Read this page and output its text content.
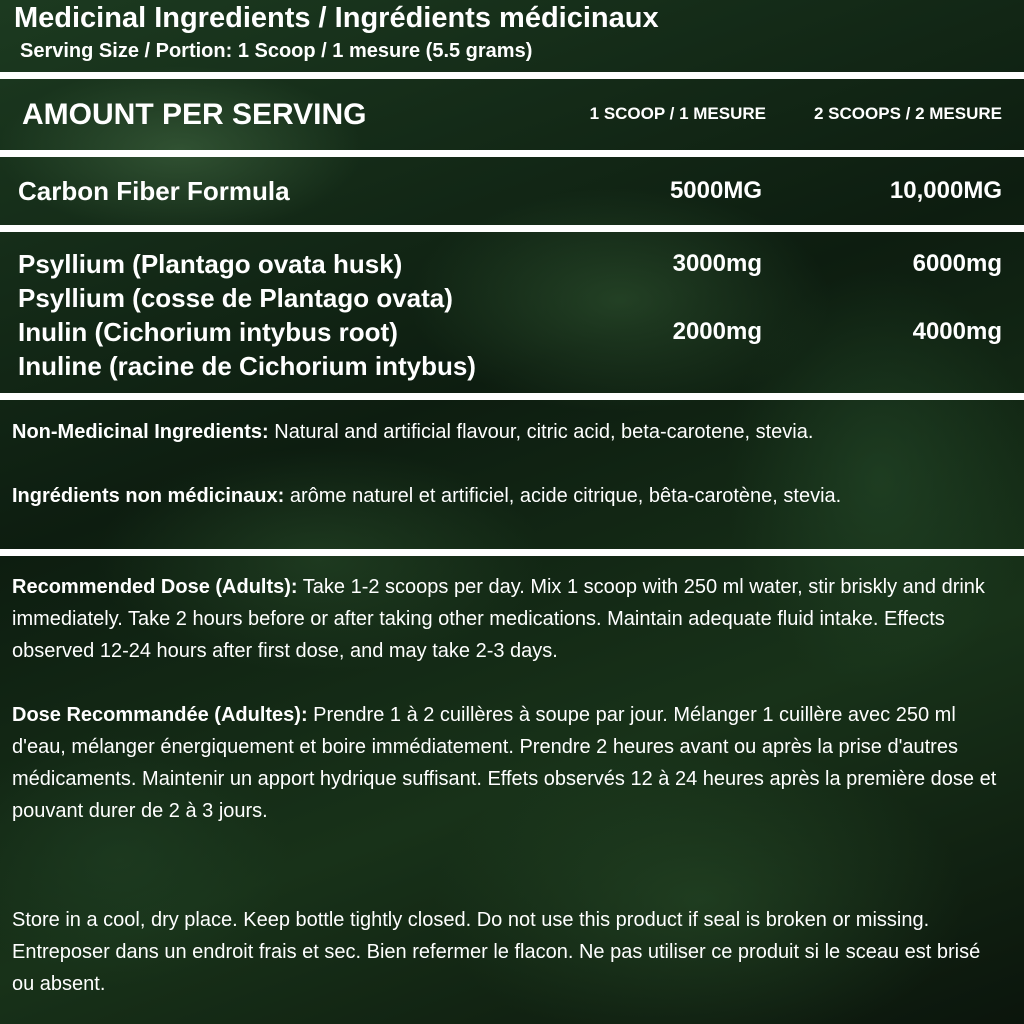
Medicinal Ingredients / Ingrédients médicinaux
Serving Size / Portion: 1 Scoop / 1 mesure (5.5 grams)
AMOUNT PER SERVING	1 SCOOP / 1 MESURE	2 SCOOPS / 2 MESURE
Carbon Fiber Formula	5000MG	10,000MG
Psyllium (Plantago ovata husk)	3000mg	6000mg
Psyllium (cosse de Plantago ovata)
Inulin (Cichorium intybus root)	2000mg	4000mg
Inuline (racine de Cichorium intybus)

Non-Medicinal Ingredients: Natural and artificial flavour, citric acid, beta-carotene, stevia.

Ingrédients non médicinaux: arôme naturel et artificiel, acide citrique, bêta-carotène, stevia.

Recommended Dose (Adults): Take 1-2 scoops per day. Mix 1 scoop with 250 ml water, stir briskly and drink immediately. Take 2 hours before or after taking other medications. Maintain adequate fluid intake. Effects observed 12-24 hours after first dose, and may take 2-3 days.

Dose Recommandée (Adultes): Prendre 1 à 2 cuillères à soupe par jour. Mélanger 1 cuillère avec 250 ml d'eau, mélanger énergiquement et boire immédiatement. Prendre 2 heures avant ou après la prise d'autres médicaments. Maintenir un apport hydrique suffisant. Effets observés 12 à 24 heures après la première dose et pouvant durer de 2 à 3 jours.

Store in a cool, dry place. Keep bottle tightly closed. Do not use this product if seal is broken or missing. Entreposer dans un endroit frais et sec. Bien refermer le flacon. Ne pas utiliser ce produit si le sceau est brisé ou absent.
